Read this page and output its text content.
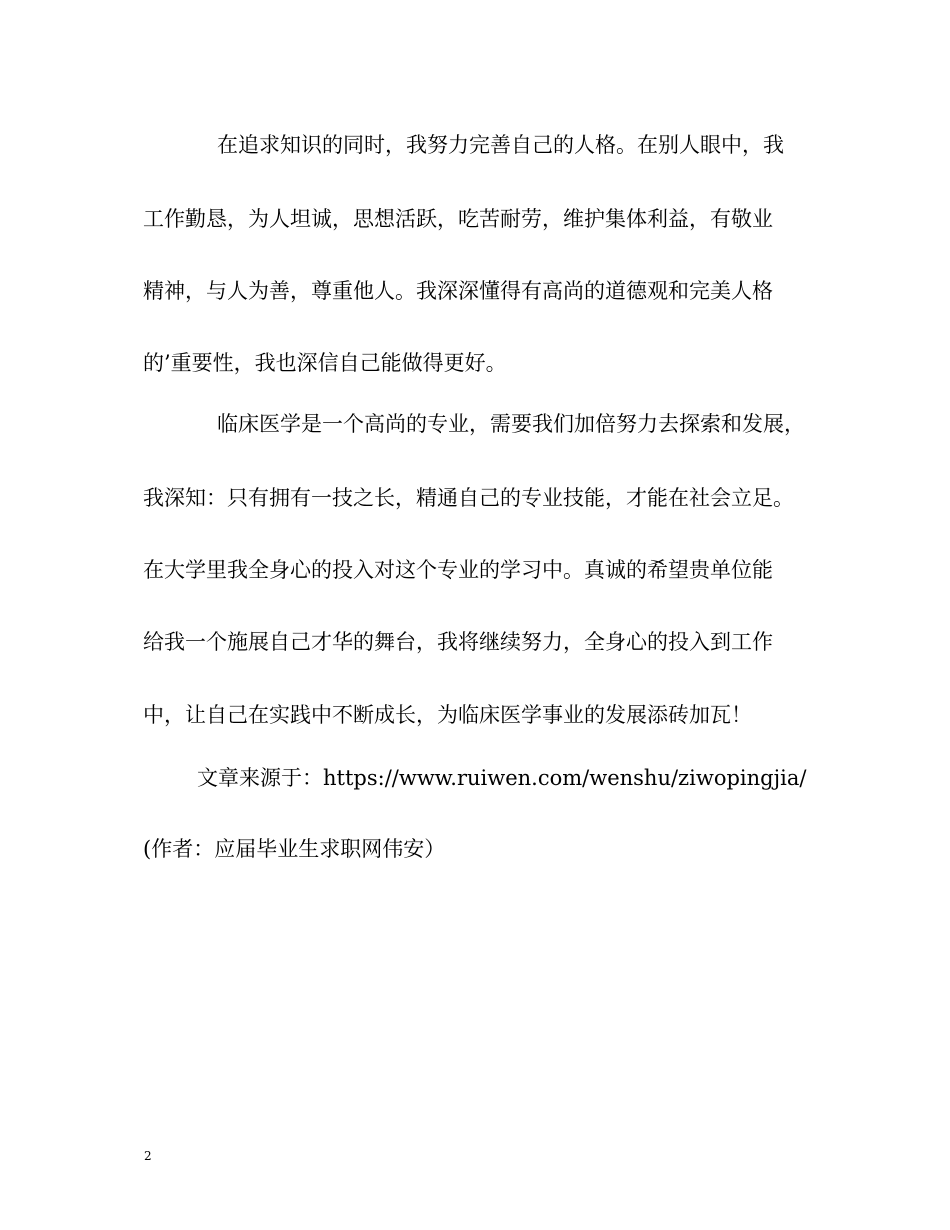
在追求知识的同时，我努力完善自己的人格。在别人眼中，我
工作勤恳，为人坦诚，思想活跃，吃苦耐劳，维护集体利益，有敬业
精神，与人为善，尊重他人。我深深懂得有高尚的道德观和完美人格
的’重要性，我也深信自己能做得更好。
临床医学是一个高尚的专业，需要我们加倍努力去探索和发展，
我深知：只有拥有一技之长，精通自己的专业技能，才能在社会立足。
在大学里我全身心的投入对这个专业的学习中。真诚的希望贵单位能
给我一个施展自己才华的舞台，我将继续努力，全身心的投入到工作
中，让自己在实践中不断成长，为临床医学事业的发展添砖加瓦！
文章来源于：https://www.ruiwen.com/wenshu/ziwopingjia/
(作者：应届毕业生求职网伟安）
2
